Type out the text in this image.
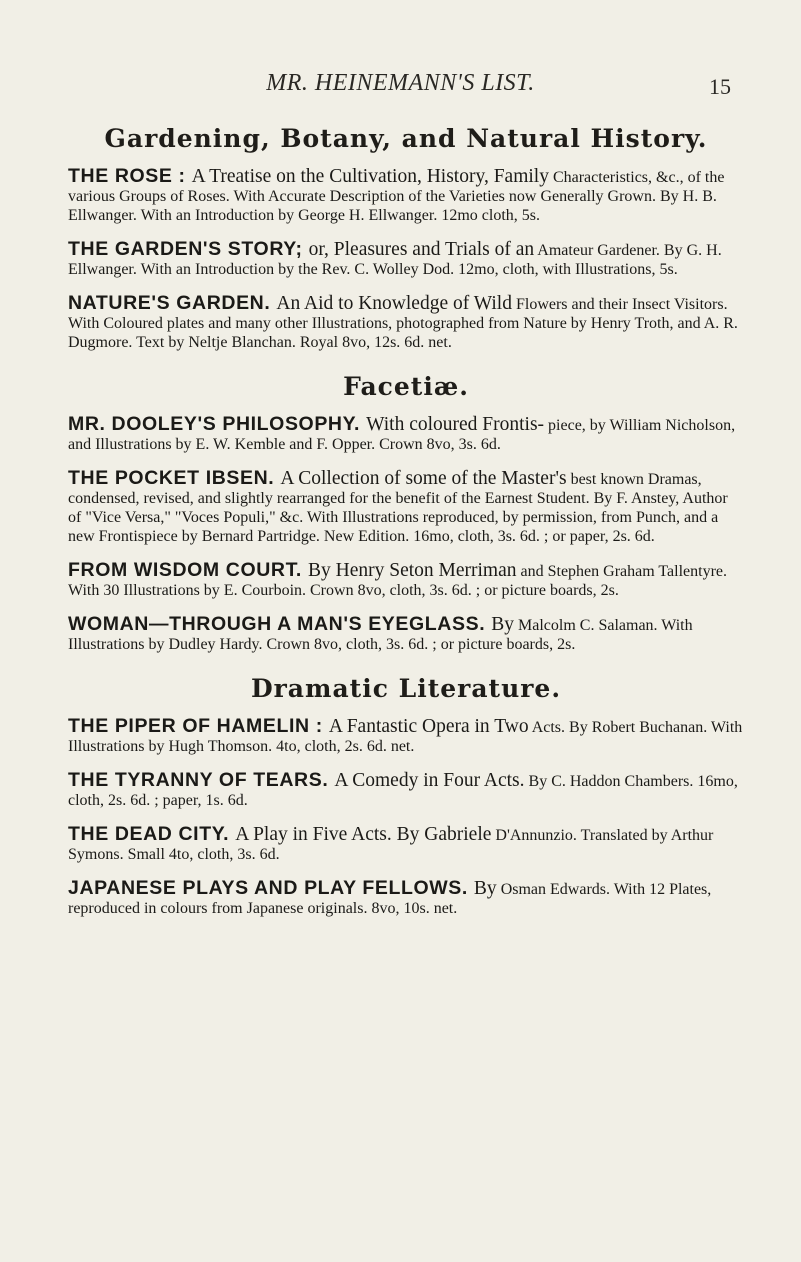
MR. HEINEMANN'S LIST.	15
Gardening, Botany, and Natural History.

THE ROSE : A Treatise on the Cultivation, History, Family Characteristics, &c., of the various Groups of Roses. With Accurate Description of the Varieties now Generally Grown. By H. B. Ellwanger. With an Introduction by George H. Ellwanger. 12mo cloth, 5s.

THE GARDEN'S STORY; or, Pleasures and Trials of an Amateur Gardener. By G. H. Ellwanger. With an Introduction by the Rev. C. Wolley Dod. 12mo, cloth, with Illustrations, 5s.

NATURE'S GARDEN. An Aid to Knowledge of Wild Flowers and their Insect Visitors. With Coloured plates and many other Illustrations, photographed from Nature by Henry Troth, and A. R. Dugmore. Text by Neltje Blanchan. Royal 8vo, 12s. 6d. net.

Facetiæ.

MR. DOOLEY'S PHILOSOPHY. With coloured Frontis- piece, by William Nicholson, and Illustrations by E. W. Kemble and F. Opper. Crown 8vo, 3s. 6d.

THE POCKET IBSEN. A Collection of some of the Master's best known Dramas, condensed, revised, and slightly rearranged for the benefit of the Earnest Student. By F. Anstey, Author of "Vice Versa," "Voces Populi," &c. With Illustrations reproduced, by permission, from Punch, and a new Frontispiece by Bernard Partridge. New Edition. 16mo, cloth, 3s. 6d. ; or paper, 2s. 6d.

FROM WISDOM COURT. By Henry Seton Merriman and Stephen Graham Tallentyre. With 30 Illustrations by E. Courboin. Crown 8vo, cloth, 3s. 6d. ; or picture boards, 2s.

WOMAN—THROUGH A MAN'S EYEGLASS. By Malcolm C. Salaman. With Illustrations by Dudley Hardy. Crown 8vo, cloth, 3s. 6d. ; or picture boards, 2s.

Dramatic Literature.

THE PIPER OF HAMELIN : A Fantastic Opera in Two Acts. By Robert Buchanan. With Illustrations by Hugh Thomson. 4to, cloth, 2s. 6d. net.

THE TYRANNY OF TEARS. A Comedy in Four Acts. By C. Haddon Chambers. 16mo, cloth, 2s. 6d. ; paper, 1s. 6d.

THE DEAD CITY. A Play in Five Acts. By Gabriele D'Annunzio. Translated by Arthur Symons. Small 4to, cloth, 3s. 6d.

JAPANESE PLAYS AND PLAY FELLOWS. By Osman Edwards. With 12 Plates, reproduced in colours from Japanese originals. 8vo, 10s. net.
